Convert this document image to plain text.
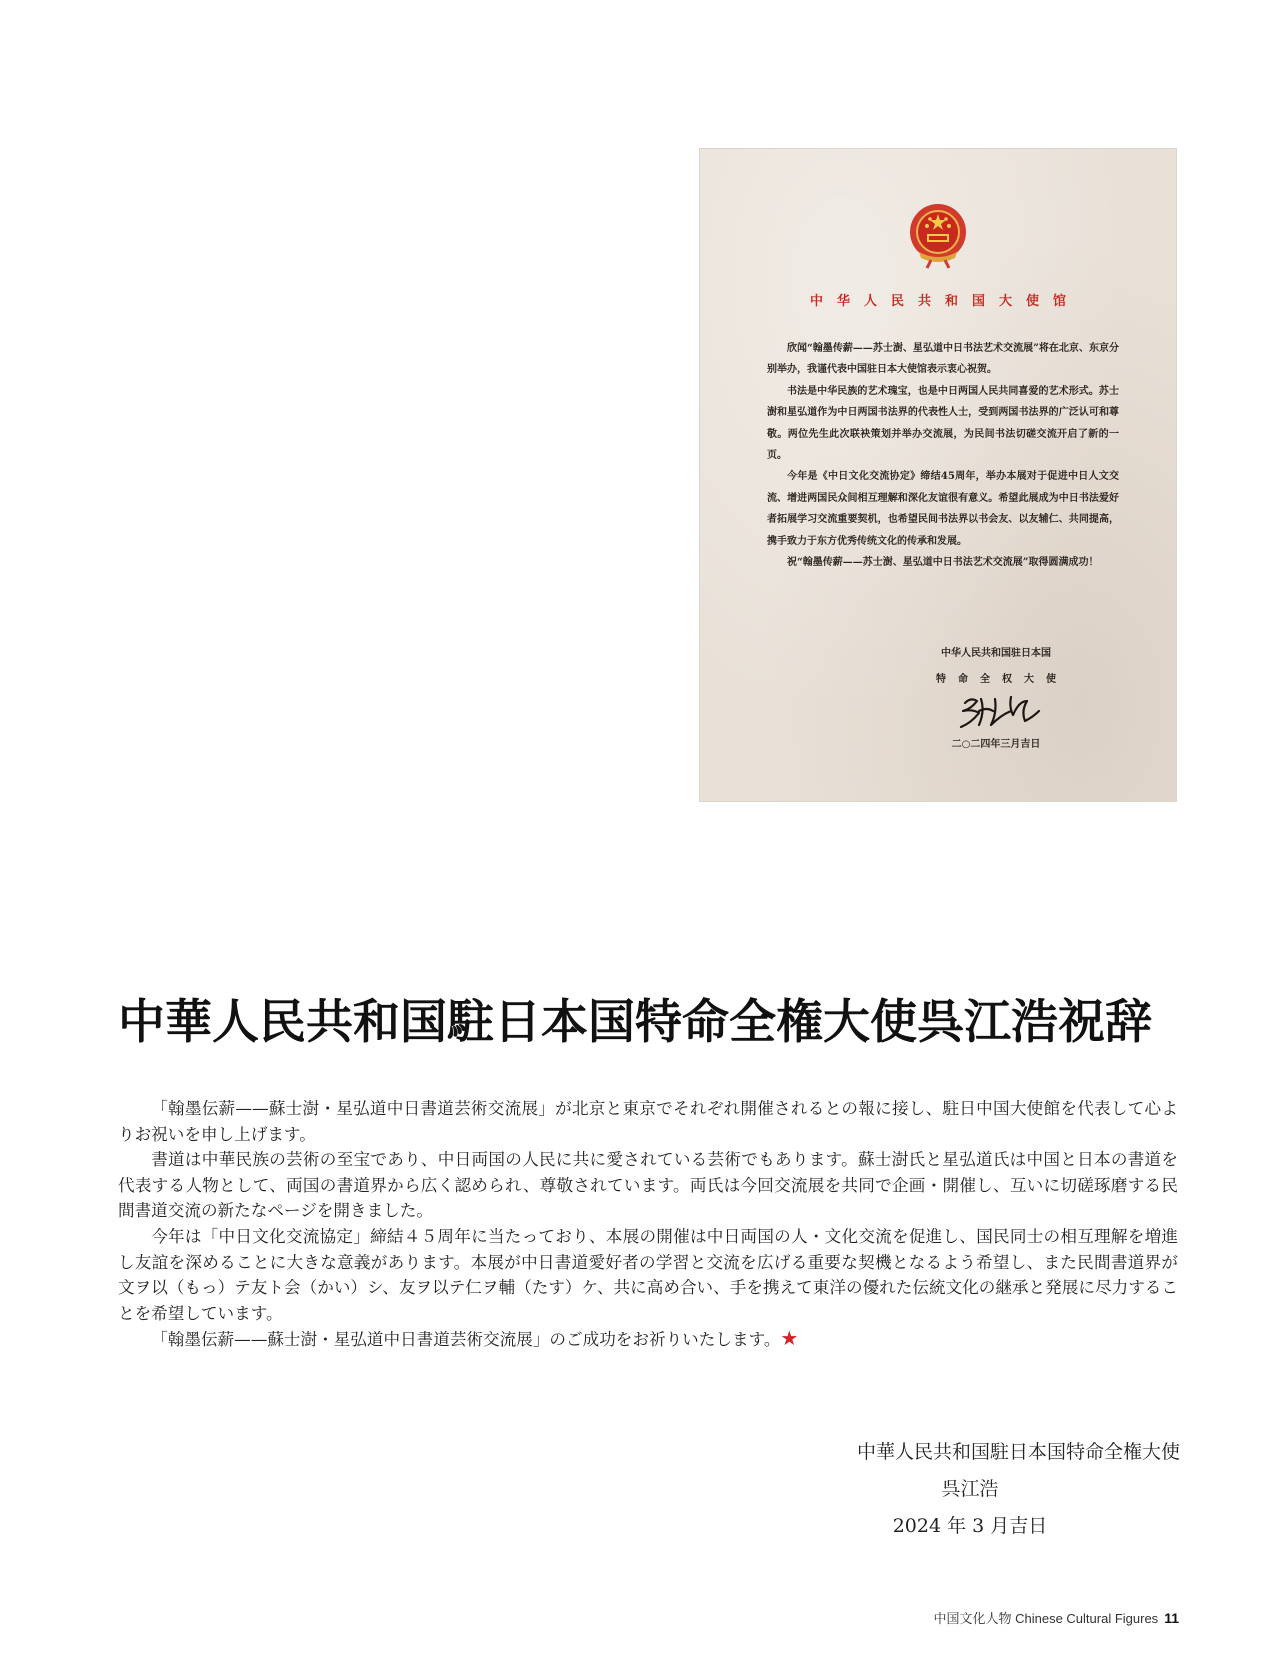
中华人民共和国大使馆

欣闻“翰墨传薪——苏士澍、星弘道中日书法艺术交流展”将在北京、东京分别举办，我谨代表中国驻日本大使馆表示衷心祝贺。

书法是中华民族的艺术瑰宝，也是中日两国人民共同喜爱的艺术形式。苏士澍和星弘道作为中日两国书法界的代表性人士，受到两国书法界的广泛认可和尊敬。两位先生此次联袂策划并举办交流展，为民间书法切磋交流开启了新的一页。

今年是《中日文化交流协定》缔结45周年，举办本展对于促进中日人文交流、增进两国民众间相互理解和深化友谊很有意义。希望此展成为中日书法爱好者拓展学习交流重要契机，也希望民间书法界以书会友、以友辅仁、共同提高，携手致力于东方优秀传统文化的传承和发展。

祝“翰墨传薪——苏士澍、星弘道中日书法艺术交流展”取得圆满成功！

中华人民共和国驻日本国
特命全权大使
二○二四年三月吉日
中華人民共和国駐日本国特命全権大使呉江浩祝辞

「翰墨伝薪——蘇士澍・星弘道中日書道芸術交流展」が北京と東京でそれぞれ開催されるとの報に接し、駐日中国大使館を代表して心よりお祝いを申し上げます。

書道は中華民族の芸術の至宝であり、中日両国の人民に共に愛されている芸術でもあります。蘇士澍氏と星弘道氏は中国と日本の書道を代表する人物として、両国の書道界から広く認められ、尊敬されています。両氏は今回交流展を共同で企画・開催し、互いに切磋琢磨する民間書道交流の新たなページを開きました。

今年は「中日文化交流協定」締結４５周年に当たっており、本展の開催は中日両国の人・文化交流を促進し、国民同士の相互理解を増進し友誼を深めることに大きな意義があります。本展が中日書道愛好者の学習と交流を広げる重要な契機となるよう希望し、また民間書道界が文ヲ以（もっ）テ友ト会（かい）シ、友ヲ以テ仁ヲ輔（たす）ケ、共に高め合い、手を携えて東洋の優れた伝統文化の継承と発展に尽力することを希望しています。

「翰墨伝薪——蘇士澍・星弘道中日書道芸術交流展」のご成功をお祈りいたします。★

中華人民共和国駐日本国特命全権大使
呉江浩
2024 年 3 月吉日
中国文化人物 Chinese Cultural Figures 11
